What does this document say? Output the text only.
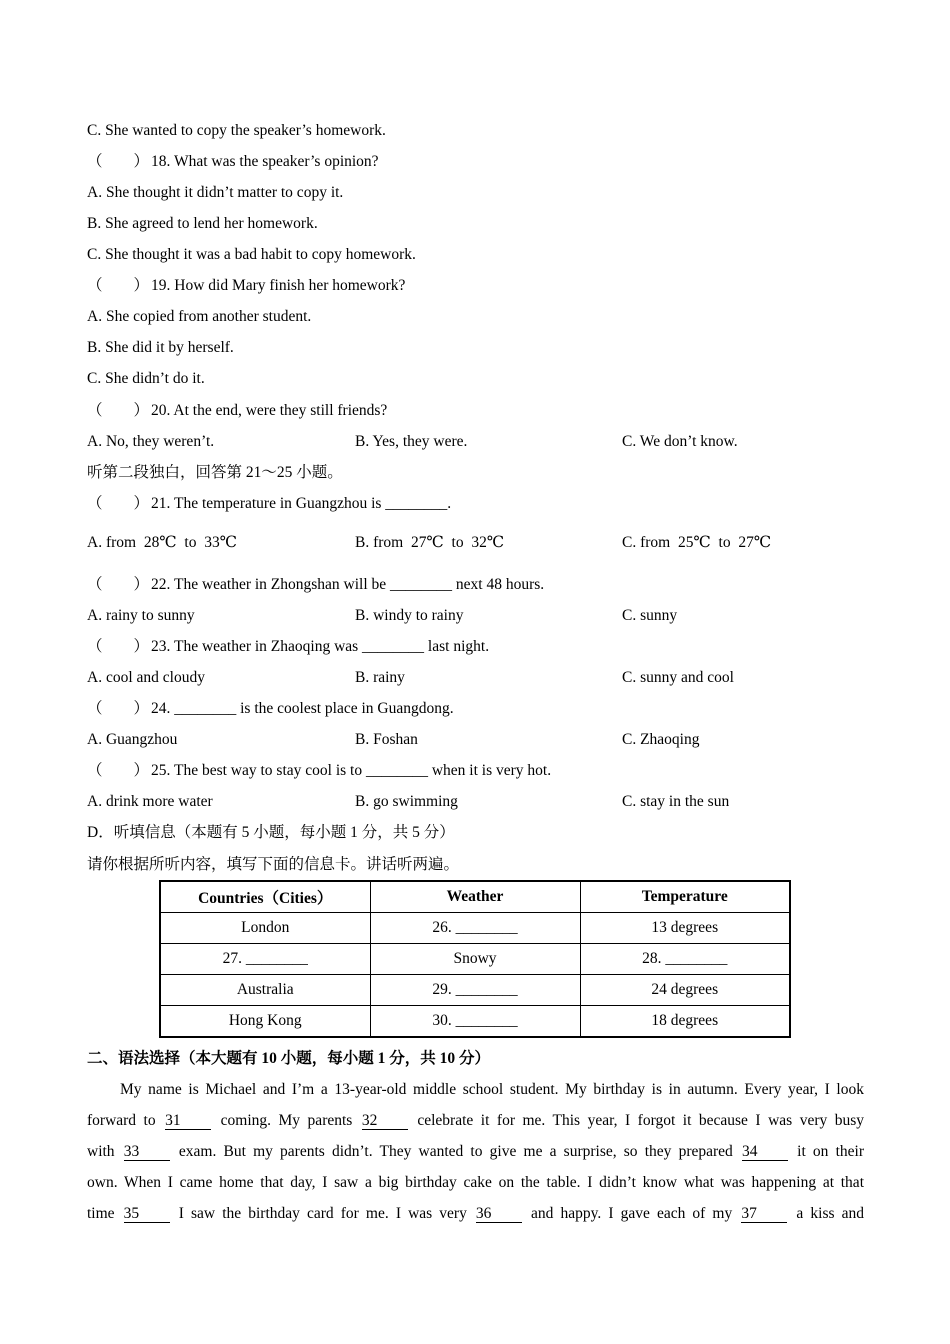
C. She wanted to copy the speaker’s homework.
（　　） 18. What was the speaker’s opinion?
A. She thought it didn’t matter to copy it.
B. She agreed to lend her homework.
C. She thought it was a bad habit to copy homework.
（　　） 19. How did Mary finish her homework?
A. She copied from another student.
B. She did it by herself.
C. She didn’t do it.
（　　） 20. At the end, were they still friends?
A. No, they weren’t.	B. Yes, they were.	C. We don’t know.
听第二段独白，回答第 21～25 小题。
（　　） 21. The temperature in Guangzhou is ________.
A. from  28℃  to  33℃	B. from  27℃  to  32℃	C. from  25℃  to  27℃
（　　） 22. The weather in Zhongshan will be ________ next 48 hours.
A. rainy to sunny	B. windy to rainy	C. sunny
（　　） 23. The weather in Zhaoqing was ________ last night.
A. cool and cloudy	B. rainy	C. sunny and cool
（　　） 24. ________ is the coolest place in Guangdong.
A. Guangzhou	B. Foshan	C. Zhaoqing
（　　） 25. The best way to stay cool is to ________ when it is very hot.
A. drink more water	B. go swimming	C. stay in the sun
D．听填信息（本题有 5 小题，每小题 1 分，共 5 分）
请你根据所听内容，填写下面的信息卡。讲话听两遍。
Countries（Cities）	Weather	Temperature
London	26. ________	13 degrees
27. ________	Snowy	28. ________
Australia	29. ________	24 degrees
Hong Kong	30. ________	18 degrees
二、语法选择（本大题有 10 小题，每小题 1 分，共 10 分）
My name is Michael and I’m a 13-year-old middle school student. My birthday is in autumn. Every year, I look
forward to 31	coming. My parents 32	celebrate it for me. This year, I forgot it because I was very busy
with 33	exam. But my parents didn’t. They wanted to give me a surprise, so they prepared 34	it on their
own. When I came home that day, I saw a big birthday cake on the table. I didn’t know what was happening at that
time 35	I saw the birthday card for me. I was very 36	and happy. I gave each of my 37	a kiss and
